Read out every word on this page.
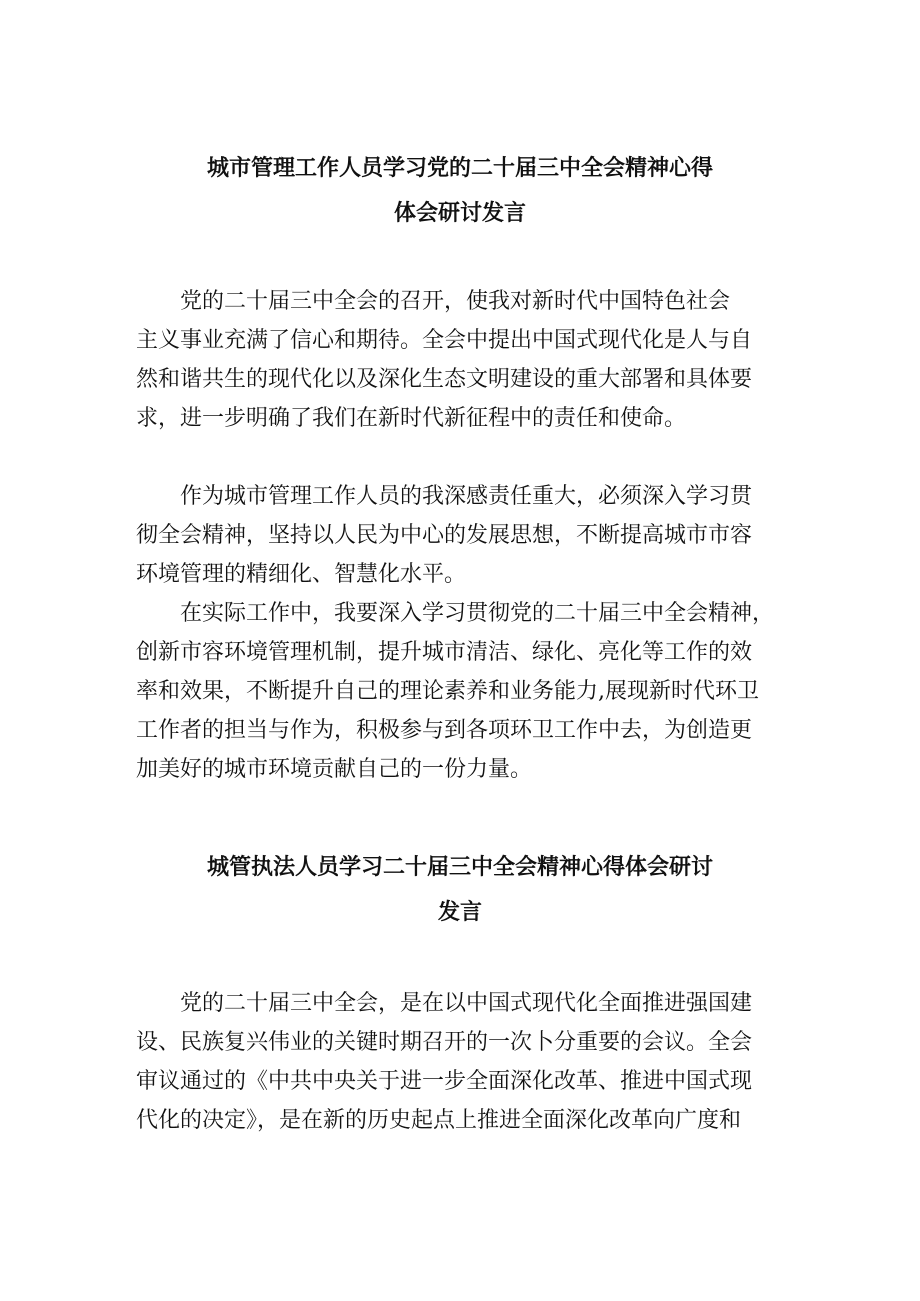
城市管理工作人员学习党的二十届三中全会精神心得
体会研讨发言

　　党的二十届三中全会的召开，使我对新时代中国特色社会
主义事业充满了信心和期待。全会中提出中国式现代化是人与自
然和谐共生的现代化以及深化生态文明建设的重大部署和具体要
求，进一步明确了我们在新时代新征程中的责任和使命。

　　作为城市管理工作人员的我深感责任重大，必须深入学习贯
彻全会精神，坚持以人民为中心的发展思想，不断提高城市市容
环境管理的精细化、智慧化水平。

　　在实际工作中，我要深入学习贯彻党的二十届三中全会精神，
创新市容环境管理机制，提升城市清洁、绿化、亮化等工作的效
率和效果，不断提升自己的理论素养和业务能力,展现新时代环卫
工作者的担当与作为，积极参与到各项环卫工作中去，为创造更
加美好的城市环境贡献自己的一份力量。

城管执法人员学习二十届三中全会精神心得体会研讨
发言

　　党的二十届三中全会，是在以中国式现代化全面推进强国建
设、民族复兴伟业的关键时期召开的一次卜分重要的会议。全会
审议通过的《中共中央关于进一步全面深化改革、推进中国式现
代化的决定》，是在新的历史起点上推进全面深化改革向广度和
